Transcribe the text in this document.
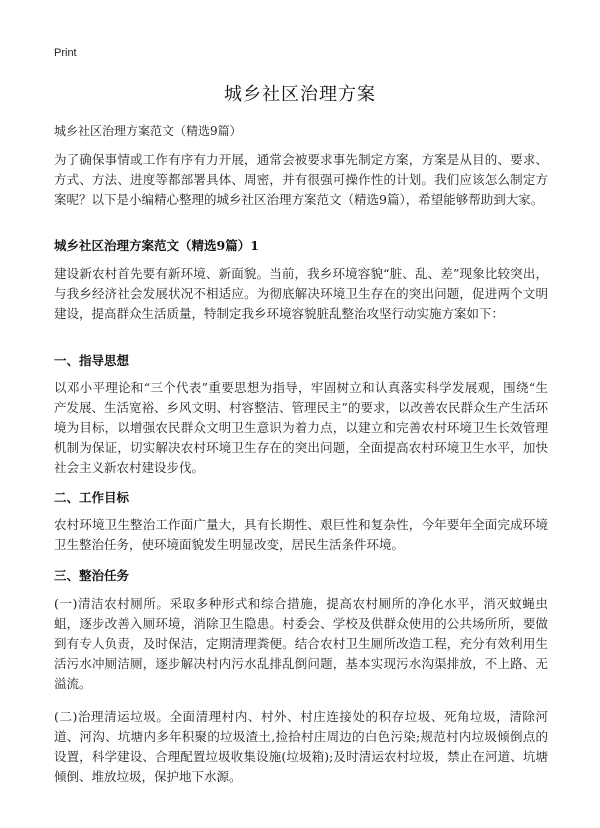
Print
城乡社区治理方案
城乡社区治理方案范文（精选9篇）

为了确保事情或工作有序有力开展，通常会被要求事先制定方案，方案是从目的、要求、方式、方法、进度等都部署具体、周密，并有很强可操作性的计划。我们应该怎么制定方案呢？以下是小编精心整理的城乡社区治理方案范文（精选9篇），希望能够帮助到大家。

城乡社区治理方案范文（精选9篇）1

建设新农村首先要有新环境、新面貌。当前，我乡环境容貌“脏、乱、差”现象比较突出，与我乡经济社会发展状况不相适应。为彻底解决环境卫生存在的突出问题，促进两个文明建设，提高群众生活质量，特制定我乡环境容貌脏乱整治攻坚行动实施方案如下：

一、指导思想

以邓小平理论和“三个代表”重要思想为指导，牢固树立和认真落实科学发展观，围绕“生产发展、生活宽裕、乡风文明、村容整洁、管理民主”的要求，以改善农民群众生产生活环境为目标，以增强农民群众文明卫生意识为着力点，以建立和完善农村环境卫生长效管理机制为保证，切实解决农村环境卫生存在的突出问题，全面提高农村环境卫生水平，加快社会主义新农村建设步伐。

二、工作目标

农村环境卫生整治工作面广量大，具有长期性、艰巨性和复杂性，今年要年全面完成环境卫生整治任务，使环境面貌发生明显改变，居民生活条件环境。

三、整治任务

(一)清洁农村厕所。采取多种形式和综合措施，提高农村厕所的净化水平，消灭蚊蝇虫蛆，逐步改善入厕环境，消除卫生隐患。村委会、学校及供群众使用的公共场所所，要做到有专人负责，及时保洁，定期清理粪便。结合农村卫生厕所改造工程，充分有效利用生活污水冲厕洁厕，逐步解决村内污水乱排乱倒问题，基本实现污水沟渠排放，不上路、无溢流。

(二)治理清运垃圾。全面清理村内、村外、村庄连接处的积存垃圾、死角垃圾，清除河道、河沟、坑塘内多年积聚的垃圾渣土,捡拾村庄周边的白色污染;规范村内垃圾倾倒点的设置，科学建设、合理配置垃圾收集设施(垃圾箱);及时清运农村垃圾，禁止在河道、坑塘倾倒、堆放垃圾，保护地下水源。
